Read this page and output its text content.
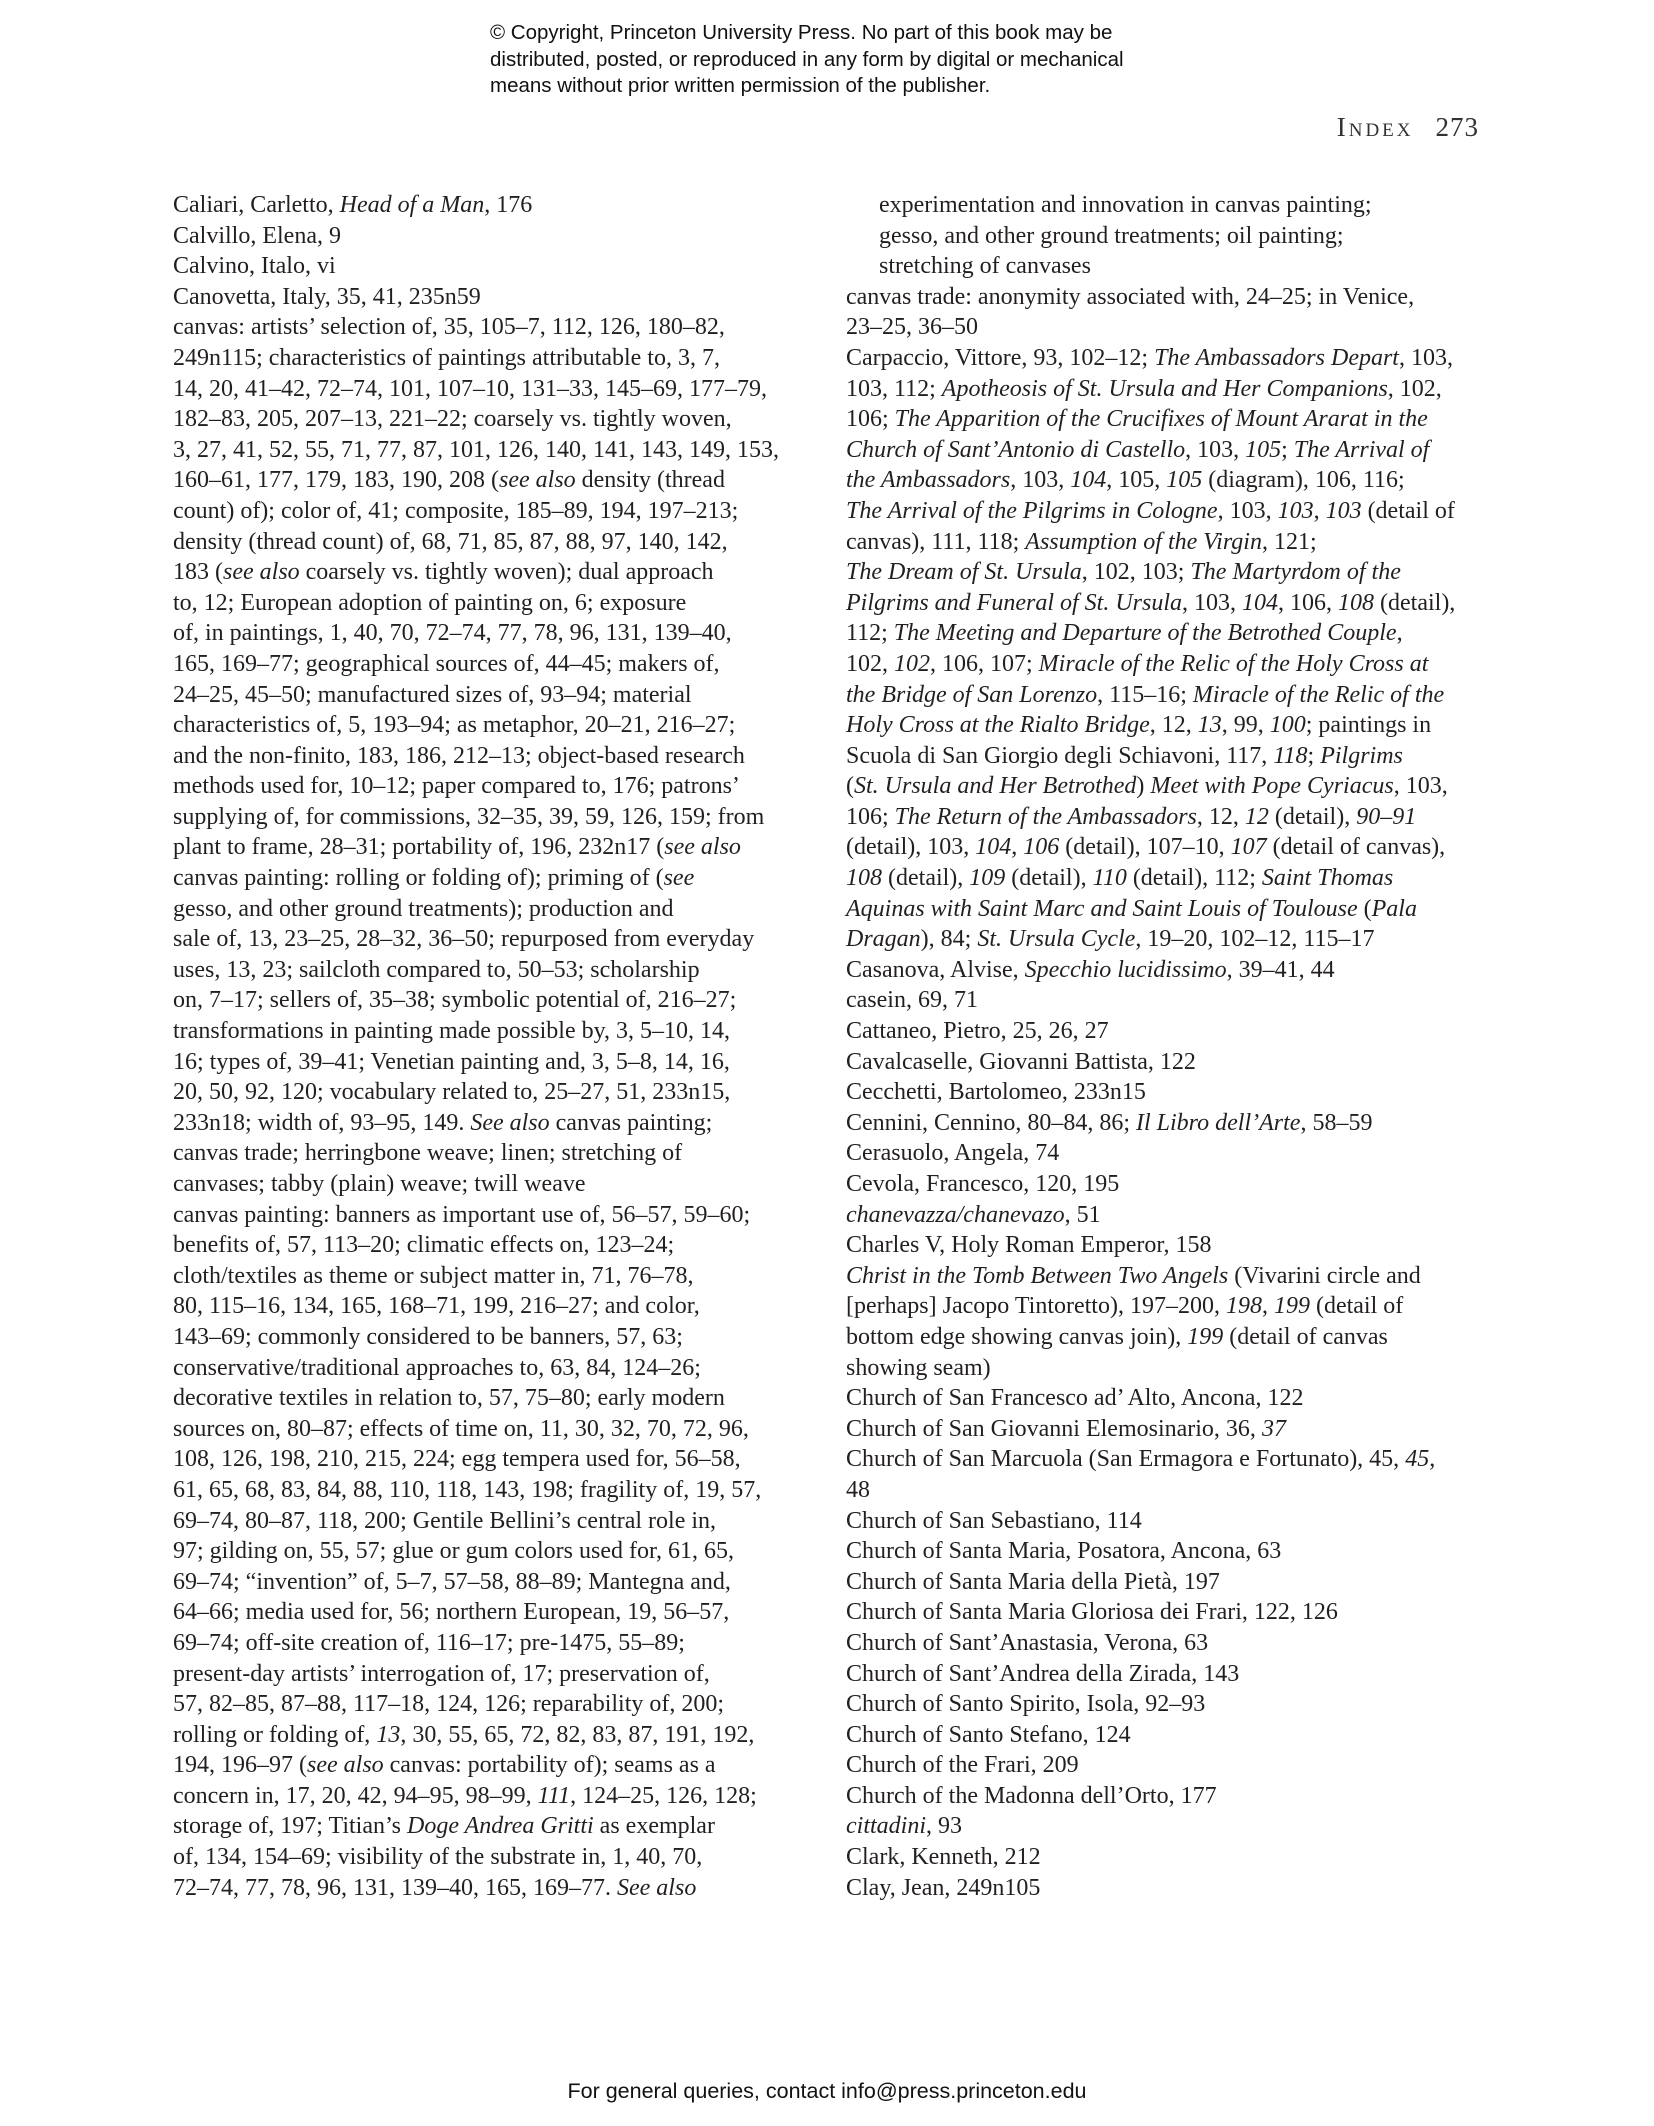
© Copyright, Princeton University Press. No part of this book may be
distributed, posted, or reproduced in any form by digital or mechanical
means without prior written permission of the publisher.
Index 273
Caliari, Carletto, Head of a Man, 176
Calvillo, Elena, 9
Calvino, Italo, vi
Canovetta, Italy, 35, 41, 235n59
canvas: artists’ selection of, 35, 105–7, 112, 126, 180–82,
249n115; characteristics of paintings attributable to, 3, 7,
14, 20, 41–42, 72–74, 101, 107–10, 131–33, 145–69, 177–79,
182–83, 205, 207–13, 221–22; coarsely vs. tightly woven,
3, 27, 41, 52, 55, 71, 77, 87, 101, 126, 140, 141, 143, 149, 153,
160–61, 177, 179, 183, 190, 208 (see also density (thread
count) of); color of, 41; composite, 185–89, 194, 197–213;
density (thread count) of, 68, 71, 85, 87, 88, 97, 140, 142,
183 (see also coarsely vs. tightly woven); dual approach
to, 12; European adoption of painting on, 6; exposure
of, in paintings, 1, 40, 70, 72–74, 77, 78, 96, 131, 139–40,
165, 169–77; geographical sources of, 44–45; makers of,
24–25, 45–50; manufactured sizes of, 93–94; material
characteristics of, 5, 193–94; as metaphor, 20–21, 216–27;
and the non-finito, 183, 186, 212–13; object-based research
methods used for, 10–12; paper compared to, 176; patrons’
supplying of, for commissions, 32–35, 39, 59, 126, 159; from
plant to frame, 28–31; portability of, 196, 232n17 (see also
canvas painting: rolling or folding of); priming of (see
gesso, and other ground treatments); production and
sale of, 13, 23–25, 28–32, 36–50; repurposed from everyday
uses, 13, 23; sailcloth compared to, 50–53; scholarship
on, 7–17; sellers of, 35–38; symbolic potential of, 216–27;
transformations in painting made possible by, 3, 5–10, 14,
16; types of, 39–41; Venetian painting and, 3, 5–8, 14, 16,
20, 50, 92, 120; vocabulary related to, 25–27, 51, 233n15,
233n18; width of, 93–95, 149. See also canvas painting;
canvas trade; herringbone weave; linen; stretching of
canvases; tabby (plain) weave; twill weave
canvas painting: banners as important use of, 56–57, 59–60;
benefits of, 57, 113–20; climatic effects on, 123–24;
cloth/textiles as theme or subject matter in, 71, 76–78,
80, 115–16, 134, 165, 168–71, 199, 216–27; and color,
143–69; commonly considered to be banners, 57, 63;
conservative/traditional approaches to, 63, 84, 124–26;
decorative textiles in relation to, 57, 75–80; early modern
sources on, 80–87; effects of time on, 11, 30, 32, 70, 72, 96,
108, 126, 198, 210, 215, 224; egg tempera used for, 56–58,
61, 65, 68, 83, 84, 88, 110, 118, 143, 198; fragility of, 19, 57,
69–74, 80–87, 118, 200; Gentile Bellini’s central role in,
97; gilding on, 55, 57; glue or gum colors used for, 61, 65,
69–74; “invention” of, 5–7, 57–58, 88–89; Mantegna and,
64–66; media used for, 56; northern European, 19, 56–57,
69–74; off-site creation of, 116–17; pre-1475, 55–89;
present-day artists’ interrogation of, 17; preservation of,
57, 82–85, 87–88, 117–18, 124, 126; reparability of, 200;
rolling or folding of, 13, 30, 55, 65, 72, 82, 83, 87, 191, 192,
194, 196–97 (see also canvas: portability of); seams as a
concern in, 17, 20, 42, 94–95, 98–99, 111, 124–25, 126, 128;
storage of, 197; Titian’s Doge Andrea Gritti as exemplar
of, 134, 154–69; visibility of the substrate in, 1, 40, 70,
72–74, 77, 78, 96, 131, 139–40, 165, 169–77. See also
experimentation and innovation in canvas painting;
gesso, and other ground treatments; oil painting;
stretching of canvases
canvas trade: anonymity associated with, 24–25; in Venice,
23–25, 36–50
Carpaccio, Vittore, 93, 102–12; The Ambassadors Depart, 103,
103, 112; Apotheosis of St. Ursula and Her Companions, 102,
106; The Apparition of the Crucifixes of Mount Ararat in the
Church of Sant’Antonio di Castello, 103, 105; The Arrival of
the Ambassadors, 103, 104, 105, 105 (diagram), 106, 116;
The Arrival of the Pilgrims in Cologne, 103, 103, 103 (detail of
canvas), 111, 118; Assumption of the Virgin, 121;
The Dream of St. Ursula, 102, 103; The Martyrdom of the
Pilgrims and Funeral of St. Ursula, 103, 104, 106, 108 (detail),
112; The Meeting and Departure of the Betrothed Couple,
102, 102, 106, 107; Miracle of the Relic of the Holy Cross at
the Bridge of San Lorenzo, 115–16; Miracle of the Relic of the
Holy Cross at the Rialto Bridge, 12, 13, 99, 100; paintings in
Scuola di San Giorgio degli Schiavoni, 117, 118; Pilgrims
(St. Ursula and Her Betrothed) Meet with Pope Cyriacus, 103,
106; The Return of the Ambassadors, 12, 12 (detail), 90–91
(detail), 103, 104, 106 (detail), 107–10, 107 (detail of canvas),
108 (detail), 109 (detail), 110 (detail), 112; Saint Thomas
Aquinas with Saint Marc and Saint Louis of Toulouse (Pala
Dragan), 84; St. Ursula Cycle, 19–20, 102–12, 115–17
Casanova, Alvise, Specchio lucidissimo, 39–41, 44
casein, 69, 71
Cattaneo, Pietro, 25, 26, 27
Cavalcaselle, Giovanni Battista, 122
Cecchetti, Bartolomeo, 233n15
Cennini, Cennino, 80–84, 86; Il Libro dell’Arte, 58–59
Cerasuolo, Angela, 74
Cevola, Francesco, 120, 195
chanevazza/chanevazo, 51
Charles V, Holy Roman Emperor, 158
Christ in the Tomb Between Two Angels (Vivarini circle and
[perhaps] Jacopo Tintoretto), 197–200, 198, 199 (detail of
bottom edge showing canvas join), 199 (detail of canvas
showing seam)
Church of San Francesco ad’ Alto, Ancona, 122
Church of San Giovanni Elemosinario, 36, 37
Church of San Marcuola (San Ermagora e Fortunato), 45, 45,
48
Church of San Sebastiano, 114
Church of Santa Maria, Posatora, Ancona, 63
Church of Santa Maria della Pietà, 197
Church of Santa Maria Gloriosa dei Frari, 122, 126
Church of Sant’Anastasia, Verona, 63
Church of Sant’Andrea della Zirada, 143
Church of Santo Spirito, Isola, 92–93
Church of Santo Stefano, 124
Church of the Frari, 209
Church of the Madonna dell’Orto, 177
cittadini, 93
Clark, Kenneth, 212
Clay, Jean, 249n105
For general queries, contact info@press.princeton.edu
